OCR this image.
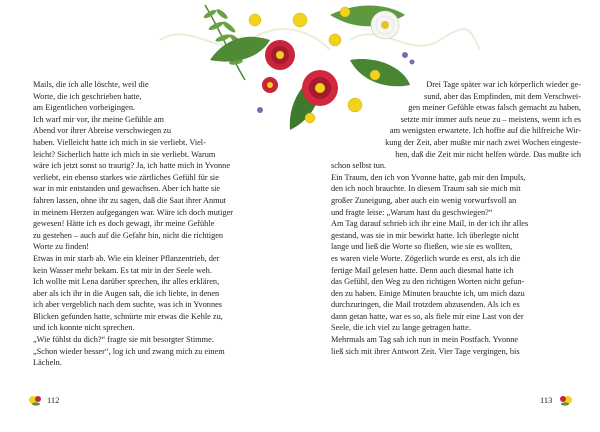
Mails, die ich alle löschte, weil die

Worte, die ich geschrieben hatte,

am Eigentlichen vorbeigingen.

Ich warf mir vor, ihr meine Gefühle am

Abend vor ihrer Abreise verschwiegen zu

haben. Vielleicht hatte ich mich in sie verliebt. Viel-

leicht? Sicherlich hatte ich mich in sie verliebt. Warum

wäre ich jetzt sonst so traurig? Ja, ich hatte mich in Yvonne

verliebt, ein ebenso starkes wie zärtliches Gefühl für sie

war in mir entstanden und gewachsen. Aber ich hatte sie

fahren lassen, ohne ihr zu sagen, daß die Saat ihrer Anmut

in meinem Herzen aufgegangen war. Wäre ich doch mutiger

gewesen! Hätte ich es doch gewagt, ihr meine Gefühle

zu gestehen – auch auf die Gefahr hin, nicht die richtigen

Worte zu finden!

Etwas in mir starb ab. Wie ein kleiner Pflanzentrieb, der

kein Wasser mehr bekam. Es tat mir in der Seele weh.

Ich wollte mit Lena darüber sprechen, ihr alles erklären,

aber als ich ihr in die Augen sah, die ich liebte, in denen

ich aber vergeblich nach dem suchte, was ich in Yvonnes

Blicken gefunden hatte, schnürte mir etwas die Kehle zu,

und ich konnte nicht sprechen.

„Wie fühlst du dich?“ fragte sie mit besorgter Stimme.

„Schon wieder besser“, log ich und zwang mich zu einem

Lächeln.

Drei Tage später war ich körperlich wieder ge-

sund, aber das Empfinden, mit dem Verschwei-

gen meiner Gefühle etwas falsch gemacht zu haben,

setzte mir immer aufs neue zu – meistens, wenn ich es

am wenigsten erwartete. Ich hoffte auf die hilfreiche Wir-

kung der Zeit, aber mußte mir nach zwei Wochen eingeste-

hen, daß die Zeit mir nicht helfen würde. Das mußte ich

schon selbst tun.

Ein Traum, den ich von Yvonne hatte, gab mir den Impuls,

den ich noch brauchte. In diesem Traum sah sie mich mit

großer Zuneigung, aber auch ein wenig vorwurfsvoll an

und fragte leise: „Warum hast du geschwiegen?“

Am Tag darauf schrieb ich ihr eine Mail, in der ich ihr alles

gestand, was sie in mir bewirkt hatte. Ich überlegte nicht

lange und ließ die Worte so fließen, wie sie es wollten,

es waren viele Worte. Zögerlich wurde es erst, als ich die

fertige Mail gelesen hatte. Denn auch diesmal hatte ich

das Gefühl, den Weg zu den richtigen Worten nicht gefun-

den zu haben. Einige Minuten brauchte ich, um mich dazu

durchzuringen, die Mail trotzdem abzusenden. Als ich es

dann getan hatte, war es so, als fiele mir eine Last von der

Seele, die ich viel zu lange getragen hatte.

Mehrmals am Tag sah ich nun in mein Postfach. Yvonne

ließ sich mit ihrer Antwort Zeit. Vier Tage vergingen, bis

112	113
